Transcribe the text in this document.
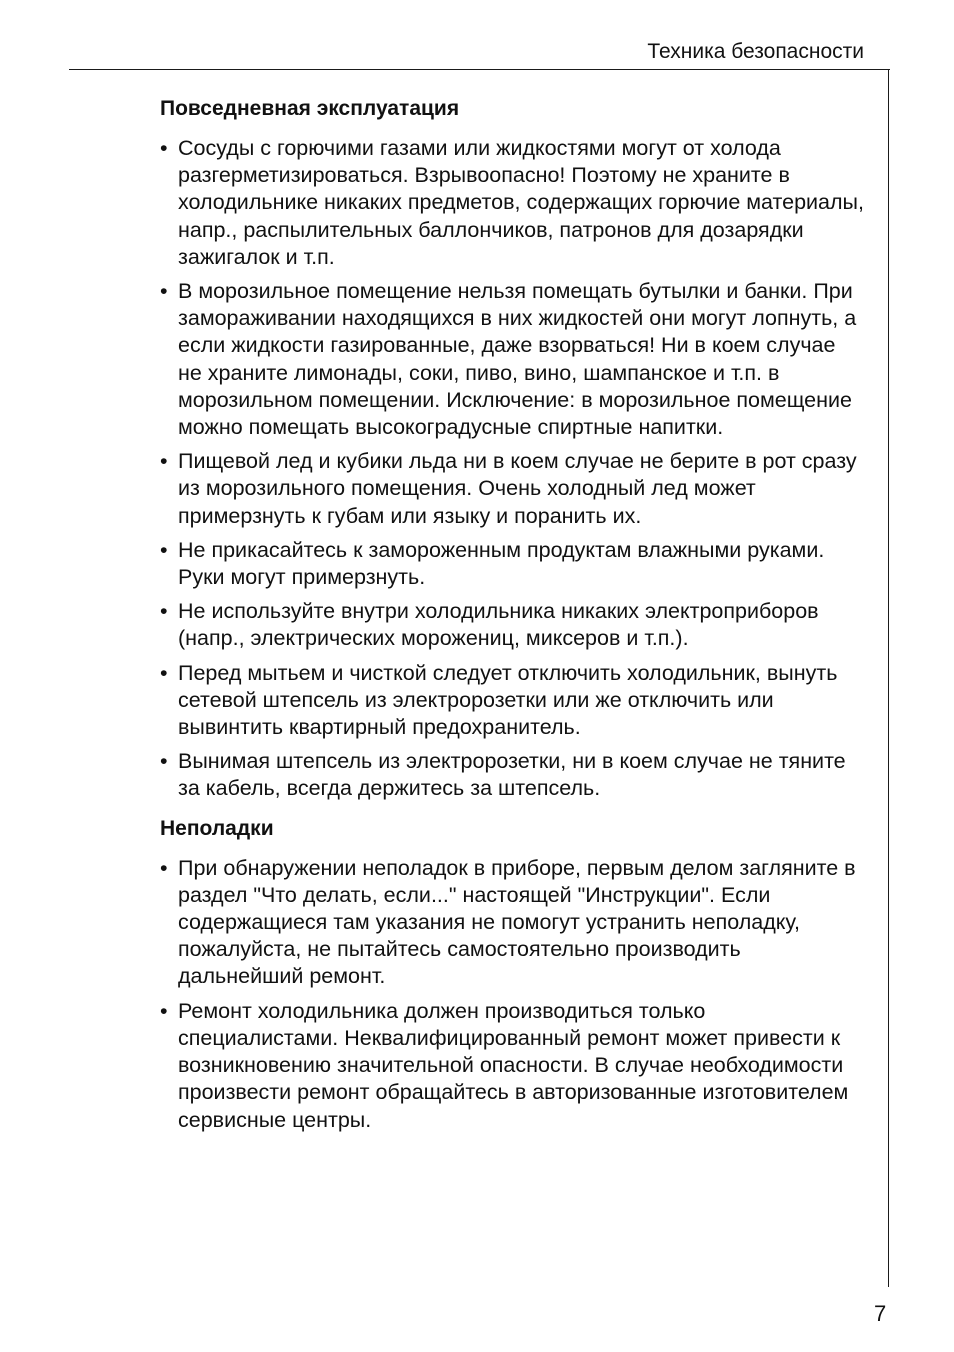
Техника безопасности
Повседневная эксплуатация
• Сосуды с горючими газами или жидкостями могут от холода разгерметизироваться. Взрывоопасно! Поэтому не храните в холодильнике никаких предметов, содержащих горючие материалы, напр., распылительных баллончиков, патронов для дозарядки зажигалок и т.п.
• В морозильное помещение нельзя помещать бутылки и банки. При замораживании находящихся в них жидкостей они могут лопнуть, а если жидкости газированные, даже взорваться! Ни в коем случае не храните лимонады, соки, пиво, вино, шампанское и т.п. в морозильном помещении. Исключение: в морозильное помещение можно помещать высокоградусные спиртные напитки.
• Пищевой лед и кубики льда ни в коем случае не берите в рот сразу из морозильного помещения. Очень холодный лед может примерзнуть к губам или языку и поранить их.
• Не прикасайтесь к замороженным продуктам влажными руками. Руки могут примерзнуть.
• Не используйте внутри холодильника никаких электроприборов (напр., электрических морожениц, миксеров и т.п.).
• Перед мытьем и чисткой следует отключить холодильник, вынуть сетевой штепсель из электророзетки или же отключить или вывинтить квартирный предохранитель.
• Вынимая штепсель из электророзетки, ни в коем случае не тяните за кабель, всегда держитесь за штепсель.
Неполадки
• При обнаружении неполадок в приборе, первым делом загляните в раздел "Что делать, если..." настоящей "Инструкции". Если содержащиеся там указания не помогут устранить неполадку, пожалуйста, не пытайтесь самостоятельно производить дальнейший ремонт.
• Ремонт холодильника должен производиться только специалистами. Неквалифицированный ремонт может привести к возникновению значительной опасности. В случае необходимости произвести ремонт обращайтесь в авторизованные изготовителем сервисные центры.
7
